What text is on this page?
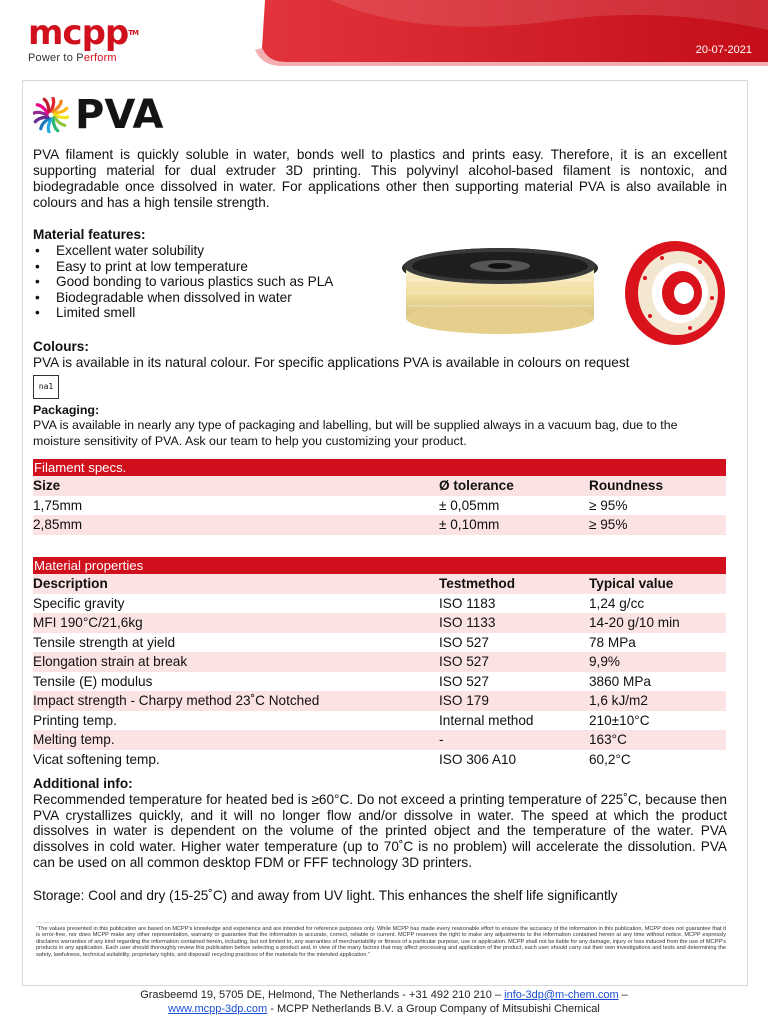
mcpp™
Power to Perform
20-07-2021
PVA

PVA filament is quickly soluble in water, bonds well to plastics and prints easy. Therefore, it is an excellent supporting material for dual extruder 3D printing. This polyvinyl alcohol-based filament is nontoxic, and biodegradable once dissolved in water. For applications other then supporting material PVA is also available in colours and has a high tensile strength.

Material features:

• Excellent water solubility
• Easy to print at low temperature
• Good bonding to various plastics such as PLA
• Biodegradable when dissolved in water
• Limited smell

Colours:

PVA is available in its natural colour. For specific applications PVA is available in colours on request

na1

Packaging:

PVA is available in nearly any type of packaging and labelling, but will be supplied always in a vacuum bag, due to the moisture sensitivity of PVA. Ask our team to help you customizing your product.

Filament specs.
Size	Ø tolerance	Roundness
1,75mm	± 0,05mm	≥ 95%
2,85mm	± 0,10mm	≥ 95%
Material properties
Description	Testmethod	Typical value
Specific gravity	ISO 1183	1,24 g/cc
MFI 190°C/21,6kg	ISO 1133	14-20 g/10 min
Tensile strength at yield	ISO 527	78 MPa
Elongation strain at break	ISO 527	9,9%
Tensile (E) modulus	ISO 527	3860 MPa
Impact strength - Charpy method 23˚C Notched	ISO 179	1,6 kJ/m2
Printing temp.	Internal method	210±10°C
Melting temp.	-	163°C
Vicat softening temp.	ISO 306 A10	60,2°C

Additional info:

Recommended temperature for heated bed is ≥60°C. Do not exceed a printing temperature of 225˚C, because then PVA crystallizes quickly, and it will no longer flow and/or dissolve in water. The speed at which the product dissolves in water is dependent on the volume of the printed object and the temperature of the water. PVA dissolves in cold water. Higher water temperature (up to 70˚C is no problem) will accelerate the dissolution. PVA can be used on all common desktop FDM or FFF technology 3D printers.

Storage: Cool and dry (15-25˚C) and away from UV light. This enhances the shelf life significantly

“The values presented in this publication are based on MCPP’s knowledge and experience and are intended for reference purposes only. While MCPP has made every reasonable effort to ensure the accuracy of the information in this publication, MCPP does not guarantee that it is error-free, nor does MCPP make any other representation, warranty or guarantee that the information is accurate, correct, reliable or current. MCPP reserves the right to make any adjustments to the information contained herein at any time without notice. MCPP expressly disclaims warranties of any kind regarding the information contained herein, including, but not limited to, any warranties of merchantability or fitness of a particular purpose, use or application. MCPP shall not be liable for any damage, injury or loss induced from the use of MCPP’s products in any application. Each user should thoroughly review this publication before selecting a product and, in view of the many factors that may affect processing and application of the product, each user should carry out their own investigations and tests and determining the safety, lawfulness, technical suitability, proprietary rights, and disposal/ recycling practices of the materials for the intended application.”

Grasbeemd 19, 5705 DE, Helmond, The Netherlands - +31 492 210 210 – info-3dp@m-chem.com –
www.mcpp-3dp.com - MCPP Netherlands B.V. a Group Company of Mitsubishi Chemical
